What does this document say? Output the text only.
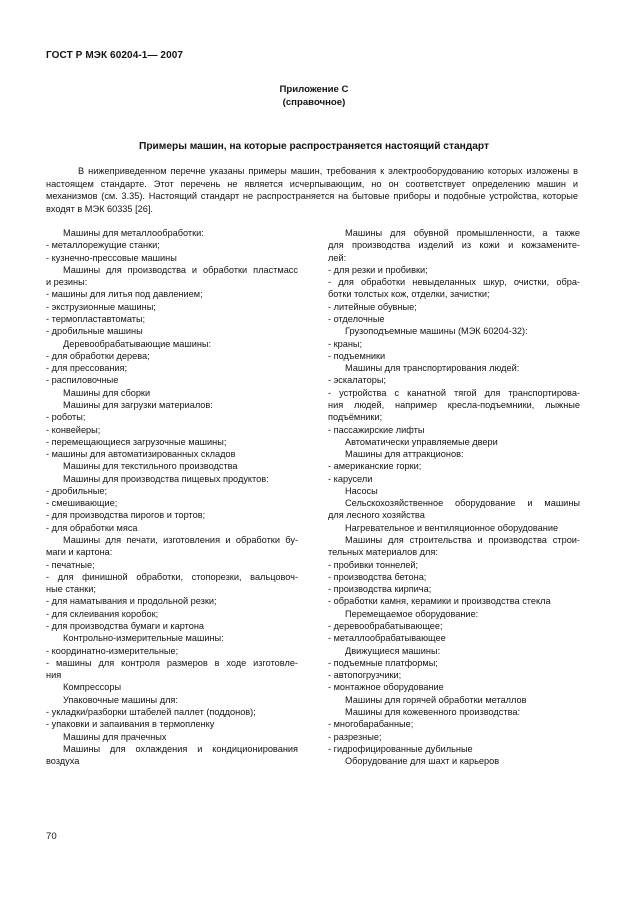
ГОСТ Р МЭК 60204-1— 2007
Приложение С
(справочное)
Примеры машин, на которые распространяется настоящий стандарт

В нижеприведенном перечне указаны примеры машин, требования к электрооборудованию которых изложены в настоящем стандарте. Этот перечень не является исчерпывающим, но он соответствует определению машин и механизмов (см. 3.35). Настоящий стандарт не распространяется на бытовые приборы и подобные устройства, которые входят в МЭК 60335 [26].

Машины для металлообработки:
- металлорежущие станки;
- кузнечно-прессовые машины
Машины для производства и обработки пластмасс
и резины:
- машины для литья под давлением;
- экструзионные машины;
- термопластавтоматы;
- дробильные машины
Деревообрабатывающие машины:
- для обработки дерева;
- для прессования;
- распиловочные
Машины для сборки
Машины для загрузки материалов:
- роботы;
- конвейеры;
- перемещающиеся загрузочные машины;
- машины для автоматизированных складов
Машины для текстильного производства
Машины для производства пищевых продуктов:
- дробильные;
- смешивающие;
- для производства пирогов и тортов;
- для обработки мяса
Машины для печати, изготовления и обработки бу-
маги и картона:
- печатные;
- для финишной обработки, стопорезки, вальцовоч-
ные станки;
- для наматывания и продольной резки;
- для склеивания коробок;
- для производства бумаги и картона
Контрольно-измерительные машины:
- координатно-измерительные;
- машины для контроля размеров в ходе изготовле-
ния
Компрессоры
Упаковочные машины для:
- укладки/разборки штабелей паллет (поддонов);
- упаковки и запаивания в термопленку
Машины для прачечных
Машины для охлаждения и кондиционирования
воздуха
Машины для обувной промышленности, а также
для производства изделий из кожи и кожзамените-
лей:
- для резки и пробивки;
- для обработки невыделанных шкур, очистки, обра-
ботки толстых кож, отделки, зачистки;
- литейные обувные;
- отделочные
Грузоподъемные машины (МЭК 60204-32):
- краны;
- подъемники
Машины для транспортирования людей:
- эскалаторы;
- устройства с канатной тягой для транспортирова-
ния людей, например кресла-подъемники, лыжные
подъёмники;
- пассажирские лифты
Автоматически управляемые двери
Машины для аттракционов:
- американские горки;
- карусели
Насосы
Сельскохозяйственное оборудование и машины
для лесного хозяйства
Нагревательное и вентиляционное оборудование
Машины для строительства и производства строи-
тельных материалов для:
- пробивки тоннелей;
- производства бетона;
- производства кирпича;
- обработки камня, керамики и производства стекла
Перемещаемое оборудование:
- деревообрабатывающее;
- металлообрабатывающее
Движущиеся машины:
- подъемные платформы;
- автопогрузчики;
- монтажное оборудование
Машины для горячей обработки металлов
Машины для кожевенного производства:
- многобарабанные;
- разрезные;
- гидрофицированные дубильные
Оборудование для шахт и карьеров
70
